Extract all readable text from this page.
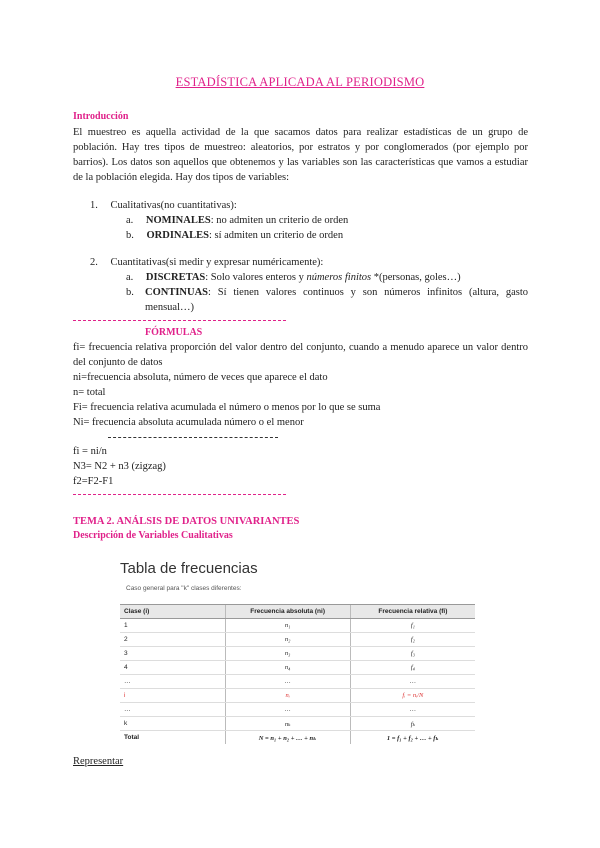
ESTADÍSTICA APLICADA AL PERIODISMO
Introducción
El muestreo es aquella actividad de la que sacamos datos para realizar estadísticas de un grupo de población. Hay tres tipos de muestreo: aleatorios, por estratos y por conglomerados (por ejemplo por barrios). Los datos son aquellos que obtenemos y las variables son las características que vamos a estudiar de la población elegida. Hay dos tipos de variables:
1. Cualitativas(no cuantitativas):
a. NOMINALES: no admiten un criterio de orden
b. ORDINALES: sí admiten un criterio de orden
2. Cuantitativas(si medir y expresar numéricamente):
a. DISCRETAS: Solo valores enteros y números finitos *(personas, goles…)
b. CONTINUAS: Sí tienen valores continuos y son números infinitos (altura, gasto mensual…)
FÓRMULAS
fi= frecuencia relativa proporción del valor dentro del conjunto, cuando a menudo aparece un valor dentro del conjunto de datos
ni=frecuencia absoluta, número de veces que aparece el dato
n= total
Fi= frecuencia relativa acumulada el número o menos por lo que se suma
Ni= frecuencia absoluta acumulada número o el menor
fi = ni/n
N3= N2 + n3 (zigzag)
f2=F2-F1
TEMA 2. ANÁLSIS DE DATOS UNIVARIANTES
Descripción de Variables Cualitativas
Tabla de frecuencias
Caso general para "k" clases diferentes:
Clase (i)	Frecuencia absoluta (ni)	Frecuencia relativa (fi)
1	n₁	f₁
2	n₂	f₂
3	n₃	f₃
4	n₄	f₄
…	…	…
i	nᵢ	fᵢ = nᵢ/N
…	…	…
k	nₖ	fₖ
Total	N = n₁ + n₂ + … + nₖ	1 = f₁ + f₂ + … + fₖ
Representar
